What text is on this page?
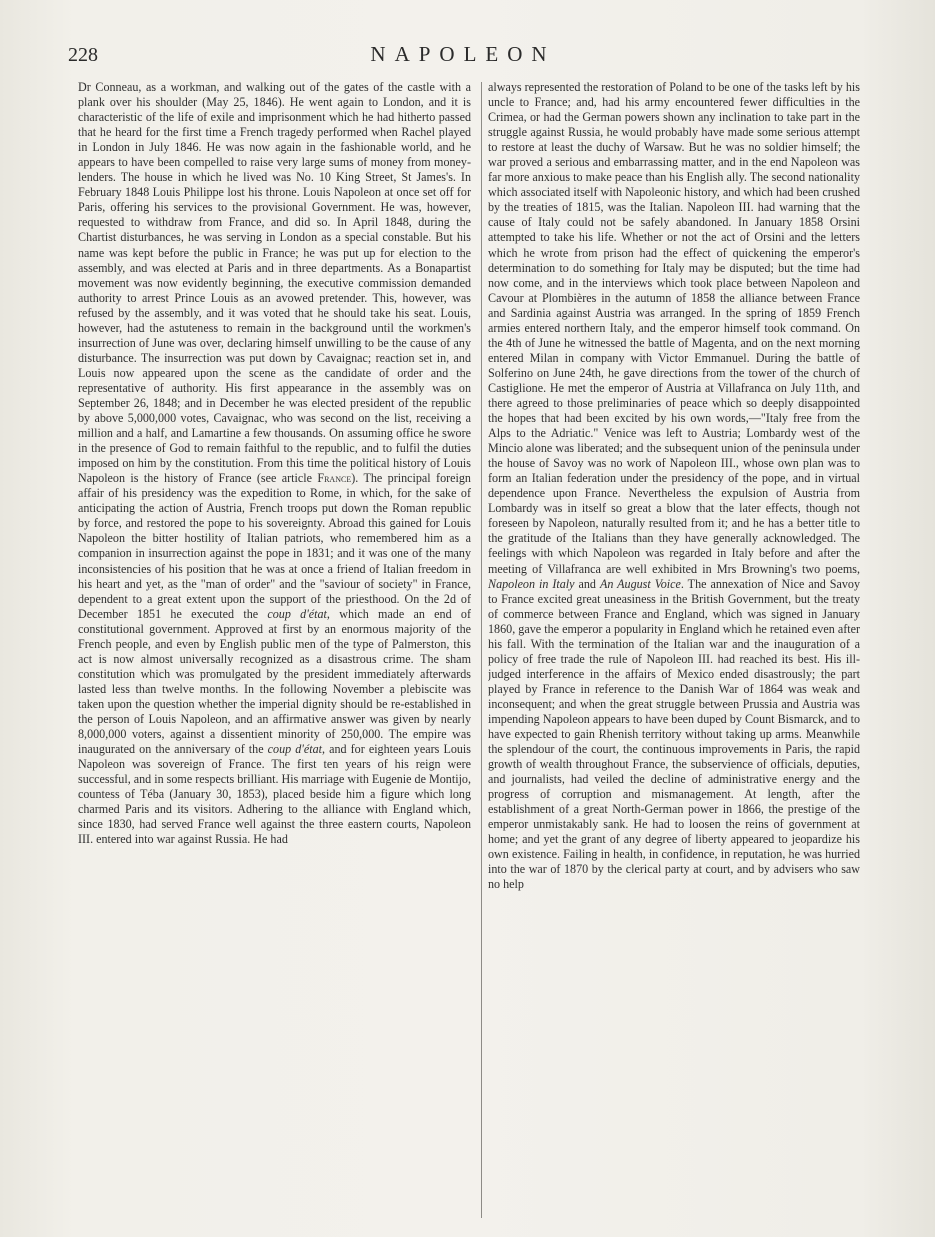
228	NAPOLEON

Dr Conneau, as a workman, and walking out of the gates of the castle with a plank over his shoulder (May 25, 1846). He went again to London, and it is characteristic of the life of exile and imprisonment which he had hitherto passed that he heard for the first time a French tragedy performed when Rachel played in London in July 1846. He was now again in the fashionable world, and he appears to have been compelled to raise very large sums of money from money-lenders. The house in which he lived was No. 10 King Street, St James's. In February 1848 Louis Philippe lost his throne. Louis Napoleon at once set off for Paris, offering his services to the provisional Government. He was, however, requested to withdraw from France, and did so. In April 1848, during the Chartist disturbances, he was serving in London as a special constable. But his name was kept before the public in France; he was put up for election to the assembly, and was elected at Paris and in three departments. As a Bonapartist movement was now evidently beginning, the executive commission demanded authority to arrest Prince Louis as an avowed pretender. This, however, was refused by the assembly, and it was voted that he should take his seat. Louis, however, had the astuteness to remain in the background until the workmen's insurrection of June was over, declaring himself unwilling to be the cause of any disturbance. The insurrection was put down by Cavaignac; reaction set in, and Louis now appeared upon the scene as the candidate of order and the representative of authority. His first appearance in the assembly was on September 26, 1848; and in December he was elected president of the republic by above 5,000,000 votes, Cavaignac, who was second on the list, receiving a million and a half, and Lamartine a few thousands. On assuming office he swore in the presence of God to remain faithful to the republic, and to fulfil the duties imposed on him by the constitution. From this time the political history of Louis Napoleon is the history of France (see article France). The principal foreign affair of his presidency was the expedition to Rome, in which, for the sake of anticipating the action of Austria, French troops put down the Roman republic by force, and restored the pope to his sovereignty. Abroad this gained for Louis Napoleon the bitter hostility of Italian patriots, who remembered him as a companion in insurrection against the pope in 1831; and it was one of the many inconsistencies of his position that he was at once a friend of Italian freedom in his heart and yet, as the "man of order" and the "saviour of society" in France, dependent to a great extent upon the support of the priesthood. On the 2d of December 1851 he executed the coup d'état, which made an end of constitutional government. Approved at first by an enormous majority of the French people, and even by English public men of the type of Palmerston, this act is now almost universally recognized as a disastrous crime. The sham constitution which was promulgated by the president immediately afterwards lasted less than twelve months. In the following November a plebiscite was taken upon the question whether the imperial dignity should be re-established in the person of Louis Napoleon, and an affirmative answer was given by nearly 8,000,000 voters, against a dissentient minority of 250,000. The empire was inaugurated on the anniversary of the coup d'état, and for eighteen years Louis Napoleon was sovereign of France. The first ten years of his reign were successful, and in some respects brilliant. His marriage with Eugenie de Montijo, countess of Téba (January 30, 1853), placed beside him a figure which long charmed Paris and its visitors. Adhering to the alliance with England which, since 1830, had served France well against the three eastern courts, Napoleon III. entered into war against Russia. He had

always represented the restoration of Poland to be one of the tasks left by his uncle to France; and, had his army encountered fewer difficulties in the Crimea, or had the German powers shown any inclination to take part in the struggle against Russia, he would probably have made some serious attempt to restore at least the duchy of Warsaw. But he was no soldier himself; the war proved a serious and embarrassing matter, and in the end Napoleon was far more anxious to make peace than his English ally. The second nationality which associated itself with Napoleonic history, and which had been crushed by the treaties of 1815, was the Italian. Napoleon III. had warning that the cause of Italy could not be safely abandoned. In January 1858 Orsini attempted to take his life. Whether or not the act of Orsini and the letters which he wrote from prison had the effect of quickening the emperor's determination to do something for Italy may be disputed; but the time had now come, and in the interviews which took place between Napoleon and Cavour at Plombières in the autumn of 1858 the alliance between France and Sardinia against Austria was arranged. In the spring of 1859 French armies entered northern Italy, and the emperor himself took command. On the 4th of June he witnessed the battle of Magenta, and on the next morning entered Milan in company with Victor Emmanuel. During the battle of Solferino on June 24th, he gave directions from the tower of the church of Castiglione. He met the emperor of Austria at Villafranca on July 11th, and there agreed to those preliminaries of peace which so deeply disappointed the hopes that had been excited by his own words,—"Italy free from the Alps to the Adriatic." Venice was left to Austria; Lombardy west of the Mincio alone was liberated; and the subsequent union of the peninsula under the house of Savoy was no work of Napoleon III., whose own plan was to form an Italian federation under the presidency of the pope, and in virtual dependence upon France. Nevertheless the expulsion of Austria from Lombardy was in itself so great a blow that the later effects, though not foreseen by Napoleon, naturally resulted from it; and he has a better title to the gratitude of the Italians than they have generally acknowledged. The feelings with which Napoleon was regarded in Italy before and after the meeting of Villafranca are well exhibited in Mrs Browning's two poems, Napoleon in Italy and An August Voice. The annexation of Nice and Savoy to France excited great uneasiness in the British Government, but the treaty of commerce between France and England, which was signed in January 1860, gave the emperor a popularity in England which he retained even after his fall. With the termination of the Italian war and the inauguration of a policy of free trade the rule of Napoleon III. had reached its best. His ill-judged interference in the affairs of Mexico ended disastrously; the part played by France in reference to the Danish War of 1864 was weak and inconsequent; and when the great struggle between Prussia and Austria was impending Napoleon appears to have been duped by Count Bismarck, and to have expected to gain Rhenish territory without taking up arms. Meanwhile the splendour of the court, the continuous improvements in Paris, the rapid growth of wealth throughout France, the subservience of officials, deputies, and journalists, had veiled the decline of administrative energy and the progress of corruption and mismanagement. At length, after the establishment of a great North-German power in 1866, the prestige of the emperor unmistakably sank. He had to loosen the reins of government at home; and yet the grant of any degree of liberty appeared to jeopardize his own existence. Failing in health, in confidence, in reputation, he was hurried into the war of 1870 by the clerical party at court, and by advisers who saw no help
